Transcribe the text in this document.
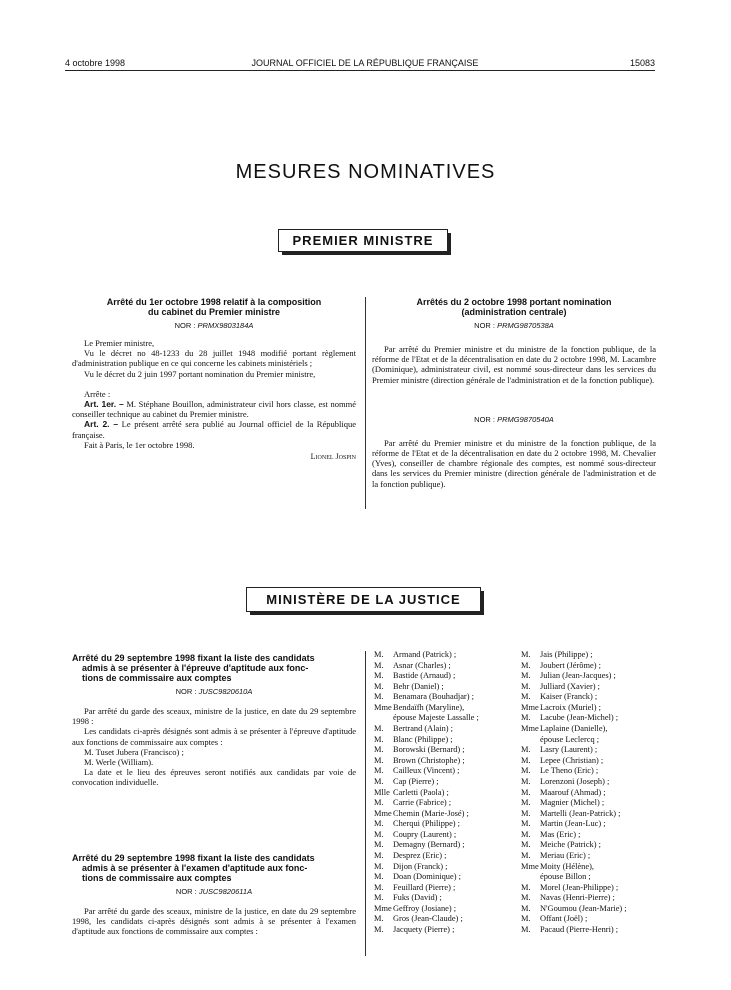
4 octobre 1998	JOURNAL OFFICIEL DE LA RÉPUBLIQUE FRANÇAISE	15083
MESURES NOMINATIVES
PREMIER MINISTRE
Arrêté du 1er octobre 1998 relatif à la composition
du cabinet du Premier ministre
NOR : PRMX9803184A

Le Premier ministre,

Vu le décret no 48-1233 du 28 juillet 1948 modifié portant règlement d'administration publique en ce qui concerne les cabinets ministériels ;

Vu le décret du 2 juin 1997 portant nomination du Premier ministre,

Arrête :

Art. 1er. – M. Stéphane Bouillon, administrateur civil hors classe, est nommé conseiller technique au cabinet du Premier ministre.

Art. 2. – Le présent arrêté sera publié au Journal officiel de la République française.

Fait à Paris, le 1er octobre 1998.

Lionel Jospin
Arrêtés du 2 octobre 1998 portant nomination
(administration centrale)
NOR : PRMG9870538A

Par arrêté du Premier ministre et du ministre de la fonction publique, de la réforme de l'Etat et de la décentralisation en date du 2 octobre 1998, M. Lacambre (Dominique), administrateur civil, est nommé sous-directeur dans les services du Premier ministre (direction générale de l'administration et de la fonction publique).

NOR : PRMG9870540A

Par arrêté du Premier ministre et du ministre de la fonction publique, de la réforme de l'Etat et de la décentralisation en date du 2 octobre 1998, M. Chevalier (Yves), conseiller de chambre régionale des comptes, est nommé sous-directeur dans les services du Premier ministre (direction générale de l'administration et de la fonction publique).

MINISTÈRE DE LA JUSTICE
Arrêté du 29 septembre 1998 fixant la liste des candidats
admis à se présenter à l'épreuve d'aptitude aux fonc-
tions de commissaire aux comptes
NOR : JUSC9820610A

Par arrêté du garde des sceaux, ministre de la justice, en date du 29 septembre 1998 :

Les candidats ci-après désignés sont admis à se présenter à l'épreuve d'aptitude aux fonctions de commissaire aux comptes :

M. Tuset Jubera (Francisco) ;

M. Werle (William).

La date et le lieu des épreuves seront notifiés aux candidats par voie de convocation individuelle.

Arrêté du 29 septembre 1998 fixant la liste des candidats
admis à se présenter à l'examen d'aptitude aux fonc-
tions de commissaire aux comptes
NOR : JUSC9820611A

Par arrêté du garde des sceaux, ministre de la justice, en date du 29 septembre 1998, les candidats ci-après désignés sont admis à se présenter à l'examen d'aptitude aux fonctions de commissaire aux comptes :

M. Armand (Patrick) ;
M. Asnar (Charles) ;
M. Bastide (Arnaud) ;
M. Behr (Daniel) ;
M. Benamara (Bouhadjar) ;
MmeBendaïfh (Maryline),
épouse Majeste Lassalle ;
M. Bertrand (Alain) ;
M. Blanc (Philippe) ;
M. Borowski (Bernard) ;
M. Brown (Christophe) ;
M. Cailleux (Vincent) ;
M. Cap (Pierre) ;
Mlle Carletti (Paola) ;
M. Carrie (Fabrice) ;
MmeChemin (Marie-José) ;
M. Cherqui (Philippe) ;
M. Coupry (Laurent) ;
M. Demagny (Bernard) ;
M. Desprez (Eric) ;
M. Dijon (Franck) ;
M. Doan (Dominique) ;
M. Feuillard (Pierre) ;
M. Fuks (David) ;
MmeGeffroy (Josiane) ;
M. Gros (Jean-Claude) ;
M. Jacquety (Pierre) ;
M. Jais (Philippe) ;
M. Joubert (Jérôme) ;
M. Julian (Jean-Jacques) ;
M. Julliard (Xavier) ;
M. Kaiser (Franck) ;
MmeLacroix (Muriel) ;
M. Lacube (Jean-Michel) ;
MmeLaplaine (Danielle),
épouse Leclercq ;
M. Lasry (Laurent) ;
M. Lepee (Christian) ;
M. Le Theno (Eric) ;
M. Lorenzoni (Joseph) ;
M. Maarouf (Ahmad) ;
M. Magnier (Michel) ;
M. Martelli (Jean-Patrick) ;
M. Martin (Jean-Luc) ;
M. Mas (Eric) ;
M. Meiche (Patrick) ;
M. Meriau (Eric) ;
MmeMoity (Hélène),
épouse Billon ;
M. Morel (Jean-Philippe) ;
M. Navas (Henri-Pierre) ;
M. N'Goumou (Jean-Marie) ;
M. Offant (Joël) ;
M. Pacaud (Pierre-Henri) ;
